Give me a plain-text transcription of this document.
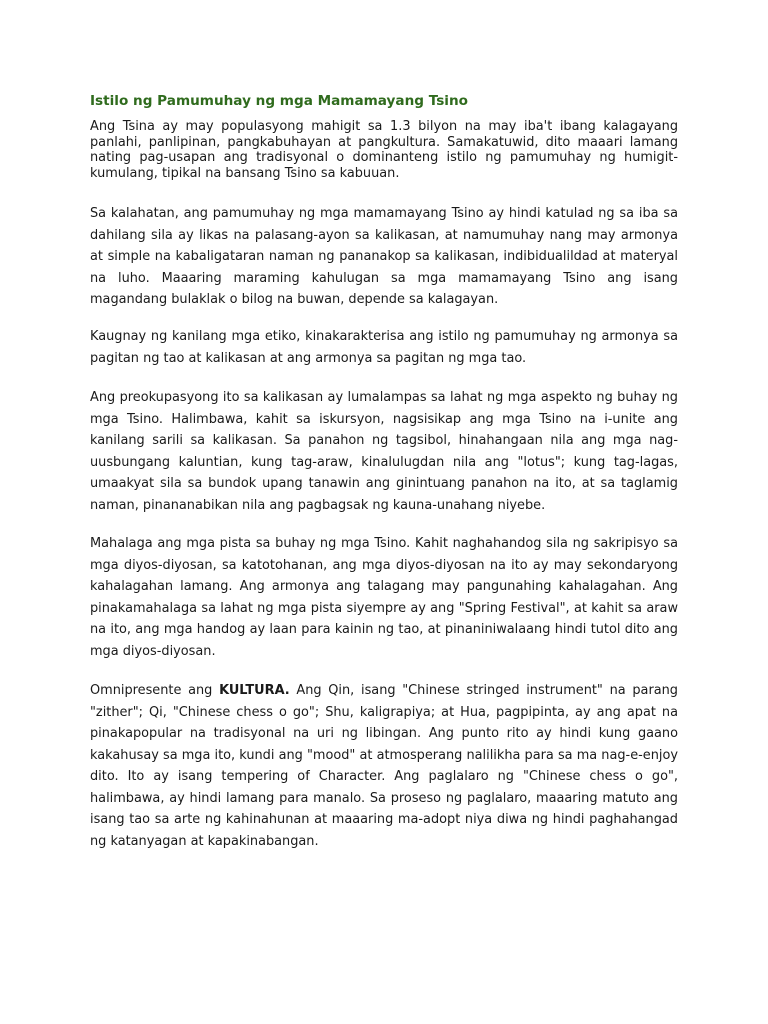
Istilo ng Pamumuhay ng mga Mamamayang Tsino

Ang Tsina ay may populasyong mahigit sa 1.3 bilyon na may iba't ibang kalagayang panlahi, panlipinan, pangkabuhayan at pangkultura. Samakatuwid, dito maaari lamang nating pag-usapan ang tradisyonal o dominanteng istilo ng pamumuhay ng humigit-kumulang, tipikal na bansang Tsino sa kabuuan.

Sa kalahatan, ang pamumuhay ng mga mamamayang Tsino ay hindi katulad ng sa iba sa dahilang sila ay likas na palasang-ayon sa kalikasan, at namumuhay nang may armonya at simple na kabaligataran naman ng pananakop sa kalikasan, indibidualildad at materyal na luho. Maaaring maraming kahulugan sa mga mamamayang Tsino ang isang magandang bulaklak o bilog na buwan, depende sa kalagayan.

Kaugnay ng kanilang mga etiko, kinakarakterisa ang istilo ng pamumuhay ng armonya sa pagitan ng tao at kalikasan at ang armonya sa pagitan ng mga tao.

Ang preokupasyong ito sa kalikasan ay lumalampas sa lahat ng mga aspekto ng buhay ng mga Tsino. Halimbawa, kahit sa iskursyon, nagsisikap ang mga Tsino na i-unite ang kanilang sarili sa kalikasan. Sa panahon ng tagsibol, hinahangaan nila ang mga nag-uusbungang kaluntian, kung tag-araw, kinalulugdan nila ang "lotus"; kung tag-lagas, umaakyat sila sa bundok upang tanawin ang ginintuang panahon na ito, at sa taglamig naman, pinananabikan nila ang pagbagsak ng kauna-unahang niyebe.

Mahalaga ang mga pista sa buhay ng mga Tsino. Kahit naghahandog sila ng sakripisyo sa mga diyos-diyosan, sa katotohanan, ang mga diyos-diyosan na ito ay may sekondaryong kahalagahan lamang. Ang armonya ang talagang may pangunahing kahalagahan. Ang pinakamahalaga sa lahat ng mga pista siyempre ay ang "Spring Festival", at kahit sa araw na ito, ang mga handog ay laan para kainin ng tao, at pinaniniwalaang hindi tutol dito ang mga diyos-diyosan.

Omnipresente ang KULTURA. Ang Qin, isang "Chinese stringed instrument" na parang "zither"; Qi, "Chinese chess o go"; Shu, kaligrapiya; at Hua, pagpipinta, ay ang apat na pinakapopular na tradisyonal na uri ng libingan. Ang punto rito ay hindi kung gaano kakahusay sa mga ito, kundi ang "mood" at atmosperang nalilikha para sa ma nag-e-enjoy dito. Ito ay isang tempering of Character. Ang paglalaro ng "Chinese chess o go", halimbawa, ay hindi lamang para manalo. Sa proseso ng paglalaro, maaaring matuto ang isang tao sa arte ng kahinahunan at maaaring ma-adopt niya diwa ng hindi paghahangad ng katanyagan at kapakinabangan.
